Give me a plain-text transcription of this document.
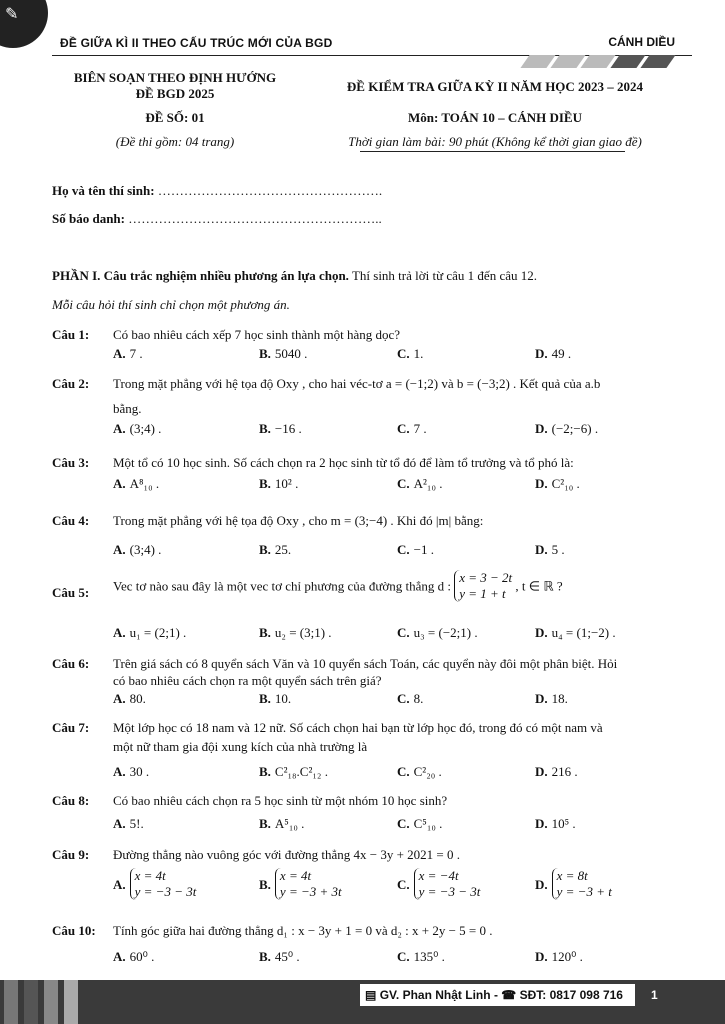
✎
ĐỀ GIỮA KÌ II THEO CẤU TRÚC MỚI CỦA BGD	CÁNH DIỀU
BIÊN SOẠN THEO ĐỊNH HƯỚNG
ĐỀ BGD 2025
ĐỀ SỐ: 01
(Đề thi gồm: 04 trang)
ĐỀ KIỂM TRA GIỮA KỲ II NĂM HỌC 2023 – 2024
Môn: TOÁN 10 – CÁNH DIỀU
Thời gian làm bài: 90 phút (Không kể thời gian giao đề)
Họ và tên thí sinh: …………………………………………….
Số báo danh: …………………………………………………..
PHẦN I. Câu trắc nghiệm nhiều phương án lựa chọn. Thí sinh trả lời từ câu 1 đến câu 12.
Mỗi câu hỏi thí sinh chỉ chọn một phương án.
Câu 1: Có bao nhiêu cách xếp 7 học sinh thành một hàng dọc?
A. 7 .	B. 5040 .	C. 1.	D. 49 .
Câu 2: Trong mặt phẳng với hệ tọa độ Oxy , cho hai véc-tơ a = (−1;2) và b = (−3;2) . Kết quả của a.b
bằng.
A. (3;4) .	B. −16 .	C. 7 .	D. (−2;−6) .
Câu 3: Một tổ có 10 học sinh. Số cách chọn ra 2 học sinh từ tổ đó để làm tổ trưởng và tổ phó là:
A. A⁸₁₀ .	B. 10² .	C. A²₁₀ .	D. C²₁₀ .
Câu 4: Trong mặt phẳng với hệ tọa độ Oxy , cho m = (3;−4) . Khi đó |m| bằng:
A. (3;4) .	B. 25.	C. −1 .	D. 5 .
Câu 5: Vec tơ nào sau đây là một vec tơ chỉ phương của đường thẳng d : x = 3 − 2t
y = 1 + t , t ∈ ℝ ?
A. u₁ = (2;1) .	B. u₂ = (3;1) .	C. u₃ = (−2;1) .	D. u₄ = (1;−2) .
Câu 6: Trên giá sách có 8 quyển sách Văn và 10 quyển sách Toán, các quyển này đôi một phân biệt. Hỏi
có bao nhiêu cách chọn ra một quyển sách trên giá?
A. 80.	B. 10.	C. 8.	D. 18.
Câu 7: Một lớp học có 18 nam và 12 nữ. Số cách chọn hai bạn từ lớp học đó, trong đó có một nam và
một nữ tham gia đội xung kích của nhà trường là
A. 30 .	B. C²₁₈.C²₁₂ .	C. C²₂₀ .	D. 216 .
Câu 8: Có bao nhiêu cách chọn ra 5 học sinh từ một nhóm 10 học sinh?
A. 5!.	B. A⁵₁₀ .	C. C⁵₁₀ .	D. 10⁵ .
Câu 9: Đường thẳng nào vuông góc với đường thẳng 4x − 3y + 2021 = 0 .
A.x = 4t
y = −3 − 3t	B.x = 4t
y = −3 + 3t	C.x = −4t
y = −3 − 3t	D.x = 8t
y = −3 + t
Câu 10: Tính góc giữa hai đường thẳng d₁ : x − 3y + 1 = 0 và d₂ : x + 2y − 5 = 0 .
A. 60⁰ .	B. 45⁰ .	C. 135⁰ .	D. 120⁰ .
▤ GV. Phan Nhật Linh - ☎ SĐT: 0817 098 716 1
